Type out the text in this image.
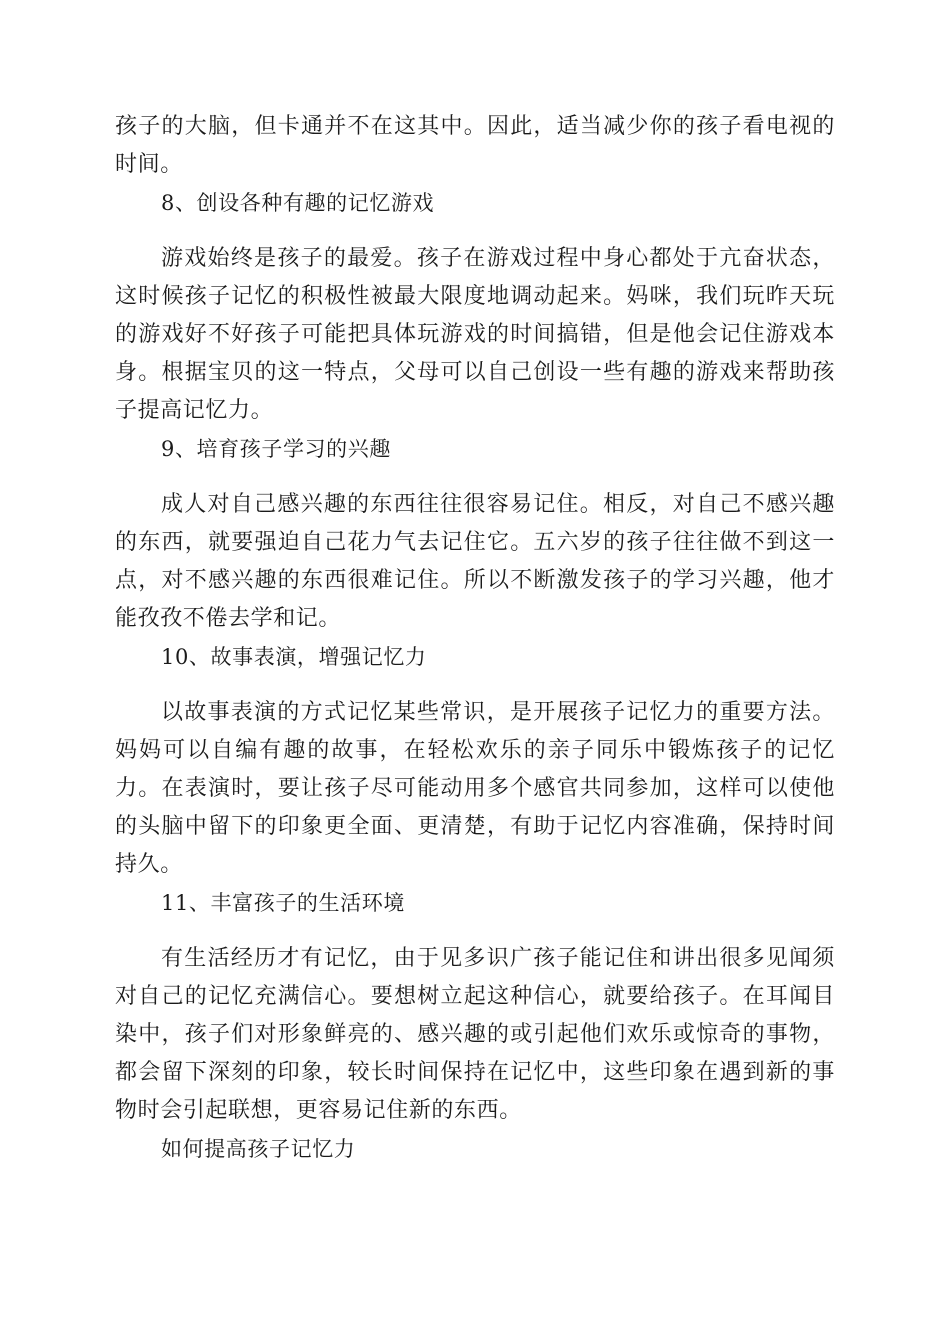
孩子的大脑，但卡通并不在这其中。因此，适当减少你的孩子看电视的时间。

8、创设各种有趣的记忆游戏

游戏始终是孩子的最爱。孩子在游戏过程中身心都处于亢奋状态，这时候孩子记忆的积极性被最大限度地调动起来。妈咪，我们玩昨天玩的游戏好不好孩子可能把具体玩游戏的时间搞错，但是他会记住游戏本身。根据宝贝的这一特点，父母可以自己创设一些有趣的游戏来帮助孩子提高记忆力。

9、培育孩子学习的兴趣

成人对自己感兴趣的东西往往很容易记住。相反，对自己不感兴趣的东西，就要强迫自己花力气去记住它。五六岁的孩子往往做不到这一点，对不感兴趣的东西很难记住。所以不断激发孩子的学习兴趣，他才能孜孜不倦去学和记。

10、故事表演，增强记忆力

以故事表演的方式记忆某些常识，是开展孩子记忆力的重要方法。妈妈可以自编有趣的故事，在轻松欢乐的亲子同乐中锻炼孩子的记忆力。在表演时，要让孩子尽可能动用多个感官共同参加，这样可以使他的头脑中留下的印象更全面、更清楚，有助于记忆内容准确，保持时间持久。

11、丰富孩子的生活环境

有生活经历才有记忆，由于见多识广孩子能记住和讲出很多见闻须对自己的记忆充满信心。要想树立起这种信心，就要给孩子。在耳闻目染中，孩子们对形象鲜亮的、感兴趣的或引起他们欢乐或惊奇的事物，都会留下深刻的印象，较长时间保持在记忆中，这些印象在遇到新的事物时会引起联想，更容易记住新的东西。

如何提高孩子记忆力
